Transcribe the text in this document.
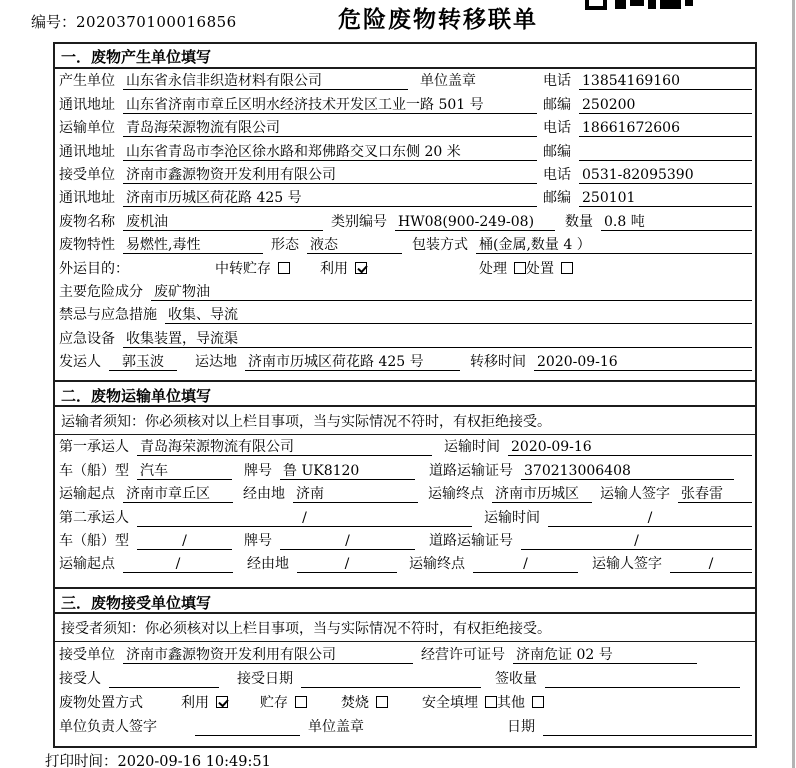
编号：2020370100016856	危险废物转移联单
一．废物产生单位填写
产生单位 山东省永信非织造材料有限公司	单位盖章	电话 13854169160
通讯地址 山东省济南市章丘区明水经济技术开发区工业一路 501 号	邮编 250200
运输单位 青岛海荣源物流有限公司	电话 18661672606
通讯地址 山东省青岛市李沧区徐水路和郑佛路交叉口东侧 20 米	邮编
接受单位 济南市鑫源物资开发利用有限公司	电话 0531-82095390
通讯地址 济南市历城区荷花路 425 号	邮编 250101
废物名称 废机油	类别编号 HW08(900-249-08)	数量 0.8 吨
废物特性 易燃性,毒性	形态 液态	包装方式 桶(金属,数量 4 ）
外运目的：	中转贮存	利用	处理 处置
主要危险成分 废矿物油
禁忌与应急措施 收集、导流
应急设备 收集装置，导流渠
发运人	郭玉波	运达地 济南市历城区荷花路 425 号	转移时间 2020-09-16
二．废物运输单位填写
运输者须知：你必须核对以上栏目事项，当与实际情况不符时，有权拒绝接受。
第一承运人 青岛海荣源物流有限公司	运输时间 2020-09-16
车（船）型 汽车	牌号 鲁 UK8120	道路运输证号 370213006408
运输起点 济南市章丘区	经由地 济南	运输终点 济南市历城区	运输人签字 张春雷
第二承运人	/	运输时间	/
车（船）型	/	牌号	/	道路运输证号	/
运输起点	/	经由地	/	运输终点	/	运输人签字	/
三．废物接受单位填写
接受者须知：你必须核对以上栏目事项，当与实际情况不符时，有权拒绝接受。
接受单位 济南市鑫源物资开发利用有限公司	经营许可证号 济南危证 02 号
接受人	接受日期	签收量
废物处置方式	利用	贮存	焚烧	安全填埋 其他
单位负责人签字	单位盖章	日期
打印时间：2020-09-16 10:49:51
